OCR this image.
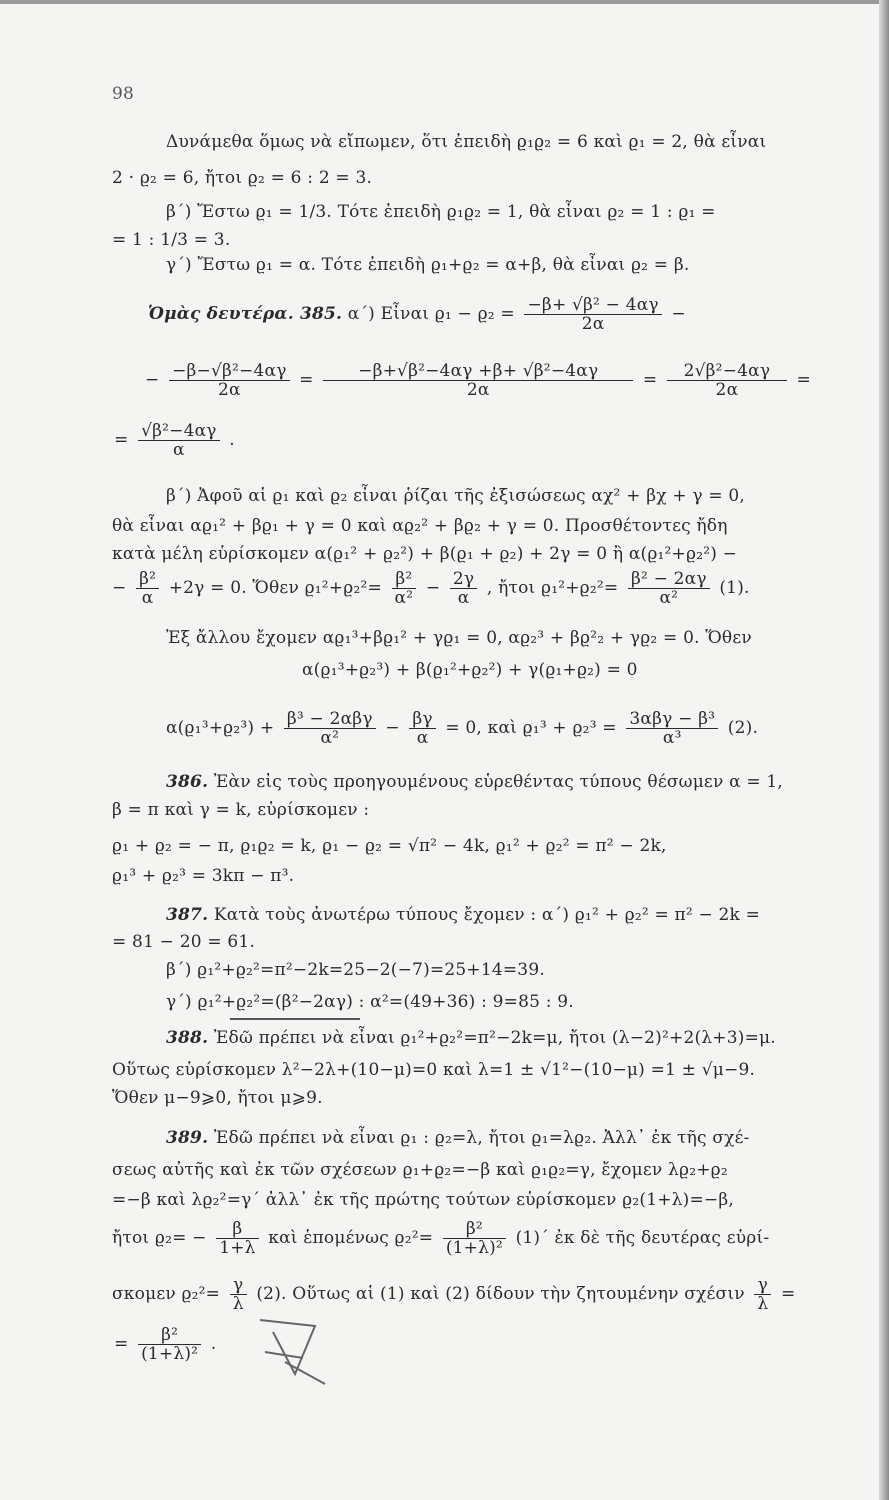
98
Δυνάμεθα ὅμως νὰ εἴπωμεν, ὅτι ἐπειδὴ ϱ₁ϱ₂ = 6 καὶ ϱ₁ = 2, θὰ εἶναι
2 · ϱ₂ = 6, ἤτοι ϱ₂ = 6 : 2 = 3.
β΄) Ἔστω ϱ₁ = 1/3. Τότε ἐπειδὴ ϱ₁ϱ₂ = 1, θὰ εἶναι ϱ₂ = 1 : ϱ₁ =
= 1 : 1/3 = 3.
γ΄) Ἔστω ϱ₁ = α. Τότε ἐπειδὴ ϱ₁+ϱ₂ = α+β, θὰ εἶναι ϱ₂ = β.
Ὁμὰς δευτέρα. 385. α΄) Εἶναι $ϱ_1 - ϱ_2 = \frac{\text{−β+ √β² − 4αγ}}{2\alpha}$ −
− $\frac{\text{−β−√β²−4αγ}}{2\alpha} = \frac{\text{−β+√β²−4αγ +β+ √β²−4αγ}}{2\alpha} = \frac{\text{2√β²−4αγ}}{2\alpha}$ =
= $\frac{\text{√β²−4αγ}}{\alpha}$ .
β΄) Ἀφοῦ αἱ ϱ₁ καὶ ϱ₂ εἶναι ῥίζαι τῆς ἐξισώσεως αχ² + βχ + γ = 0,
θὰ εἶναι αϱ₁² + βϱ₁ + γ = 0 καὶ αϱ₂² + βϱ₂ + γ = 0. Προσθέτοντες ἤδη
κατὰ μέλη εὑρίσκομεν α(ϱ₁² + ϱ₂²) + β(ϱ₁ + ϱ₂) + 2γ = 0 ἢ α(ϱ₁²+ϱ₂²) −
− $\frac{\text{β²}}{\alpha} +2\gamma = 0$. Ὅθεν $ϱ_1^2+ϱ_2^2= \frac{\text{β²}}{\text{α²}} - \frac{2\gamma}{\alpha}$ , ἤτοι $ϱ_1^2+ϱ_2^2= \frac{\text{β² − 2αγ}}{\text{α²}} (1)$.
Ἐξ ἄλλου ἔχομεν αϱ₁³+βϱ₁² + γϱ₁ = 0, αϱ₂³ + βϱ²₂ + γϱ₂ = 0. Ὅθεν
α(ϱ₁³+ϱ₂³) + β(ϱ₁²+ϱ₂²) + γ(ϱ₁+ϱ₂) = 0
$\alpha(ϱ_1^3+ϱ_2^3) + \frac{\text{β³ − 2αβγ}}{\text{α²}} - \frac{\beta\gamma}{\alpha} = 0$, καὶ $ϱ_1^3 + ϱ_2^3 = \frac{\text{3αβγ − β³}}{\text{α³}} (2)$.
386. Ἐὰν εἰς τοὺς προηγουμένους εὑρεθέντας τύπους θέσωμεν α = 1,
β = π καὶ γ = k, εὑρίσκομεν :
ϱ₁ + ϱ₂ = − π, ϱ₁ϱ₂ = k, ϱ₁ − ϱ₂ = √π² − 4k, ϱ₁² + ϱ₂² = π² − 2k,
ϱ₁³ + ϱ₂³ = 3kπ − π³.
387. Κατὰ τοὺς ἀνωτέρω τύπους ἔχομεν : α΄) ϱ₁² + ϱ₂² = π² − 2k =
= 81 − 20 = 61.
β΄) ϱ₁²+ϱ₂²=π²−2k=25−2(−7)=25+14=39.
γ΄) ϱ₁²+ϱ₂²=(β²−2αγ) : α²=(49+36) : 9=85 : 9.
388. Ἐδῶ πρέπει νὰ εἶναι ϱ₁²+ϱ₂²=π²−2k=μ, ἤτοι (λ−2)²+2(λ+3)=μ.
Οὕτως εὑρίσκομεν λ²−2λ+(10−μ)=0 καὶ λ=1 ± √1²−(10−μ) =1 ± √μ−9.
Ὅθεν μ−9⩾0, ἤτοι μ⩾9.
389. Ἐδῶ πρέπει νὰ εἶναι ϱ₁ : ϱ₂=λ, ἤτοι ϱ₁=λϱ₂. Ἀλλ᾽ ἐκ τῆς σχέ-
σεως αὐτῆς καὶ ἐκ τῶν σχέσεων ϱ₁+ϱ₂=−β καὶ ϱ₁ϱ₂=γ, ἔχομεν λϱ₂+ϱ₂
=−β καὶ λϱ₂²=γ΄ ἀλλ᾽ ἐκ τῆς πρώτης τούτων εὑρίσκομεν ϱ₂(1+λ)=−β,
ἤτοι $ϱ_2= - \frac{\beta}{1+\lambda}$ καὶ ἑπομένως $ϱ_2^2= \frac{\text{β²}}{\text{(1+λ)²}} (1)΄$ ἐκ δὲ τῆς δευτέρας εὑρί-
σκομεν $ϱ_2^2= \frac{\gamma}{\lambda} (2)$. Οὕτως αἱ (1) καὶ (2) δίδουν τὴν ζητουμένην σχέσιν $\frac{\gamma}{\lambda}$ =
= $\frac{\text{β²}}{\text{(1+λ)²}}$ .
